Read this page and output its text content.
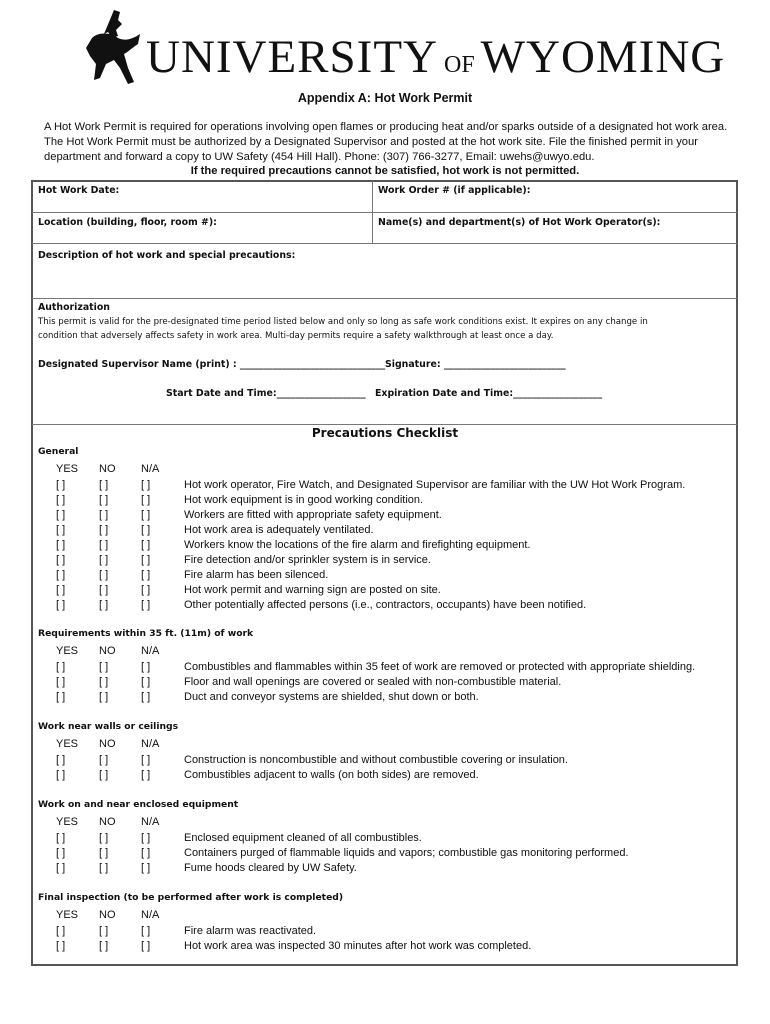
UNIVERSITY OF WYOMING
Appendix A: Hot Work Permit
A Hot Work Permit is required for operations involving open flames or producing heat and/or sparks outside of a designated hot work area. The Hot Work Permit must be authorized by a Designated Supervisor and posted at the hot work site. File the finished permit in your department and forward a copy to UW Safety (454 Hill Hall). Phone: (307) 766-3277, Email: uwehs@uwyo.edu.
If the required precautions cannot be satisfied, hot work is not permitted.
Hot Work Date:	Work Order # (if applicable):
Location (building, floor, room #):	Name(s) and department(s) of Hot Work Operator(s):
Description of hot work and special precautions:
Authorization
This permit is valid for the pre-designated time period listed below and only so long as safe work conditions exist. It expires on any change in
condition that adversely affects safety in work area. Multi-day permits require a safety walkthrough at least once a day.
Designated Supervisor Name (print) : _______________________________ Signature: __________________________
Start Date and Time:___________________ Expiration Date and Time:___________________
Precautions Checklist
General
YES NO N/A
[ ]	[ ]	[ ]	Hot work operator, Fire Watch, and Designated Supervisor are familiar with the UW Hot Work Program.
[ ]	[ ]	[ ]	Hot work equipment is in good working condition.
[ ]	[ ]	[ ]	Workers are fitted with appropriate safety equipment.
[ ]	[ ]	[ ]	Hot work area is adequately ventilated.
[ ]	[ ]	[ ]	Workers know the locations of the fire alarm and firefighting equipment.
[ ]	[ ]	[ ]	Fire detection and/or sprinkler system is in service.
[ ]	[ ]	[ ]	Fire alarm has been silenced.
[ ]	[ ]	[ ]	Hot work permit and warning sign are posted on site.
[ ]	[ ]	[ ]	Other potentially affected persons (i.e., contractors, occupants) have been notified.
Requirements within 35 ft. (11m) of work
YES NO N/A
[ ]	[ ]	[ ]	Combustibles and flammables within 35 feet of work are removed or protected with appropriate shielding.
[ ]	[ ]	[ ]	Floor and wall openings are covered or sealed with non-combustible material.
[ ]	[ ]	[ ]	Duct and conveyor systems are shielded, shut down or both.
Work near walls or ceilings
YES NO N/A
[ ]	[ ]	[ ]	Construction is noncombustible and without combustible covering or insulation.
[ ]	[ ]	[ ]	Combustibles adjacent to walls (on both sides) are removed.
Work on and near enclosed equipment
YES NO N/A
[ ]	[ ]	[ ]	Enclosed equipment cleaned of all combustibles.
[ ]	[ ]	[ ]	Containers purged of flammable liquids and vapors; combustible gas monitoring performed.
[ ]	[ ]	[ ]	Fume hoods cleared by UW Safety.
Final inspection (to be performed after work is completed)
YES NO N/A
[ ]	[ ]	[ ]	Fire alarm was reactivated.
[ ]	[ ]	[ ]	Hot work area was inspected 30 minutes after hot work was completed.
